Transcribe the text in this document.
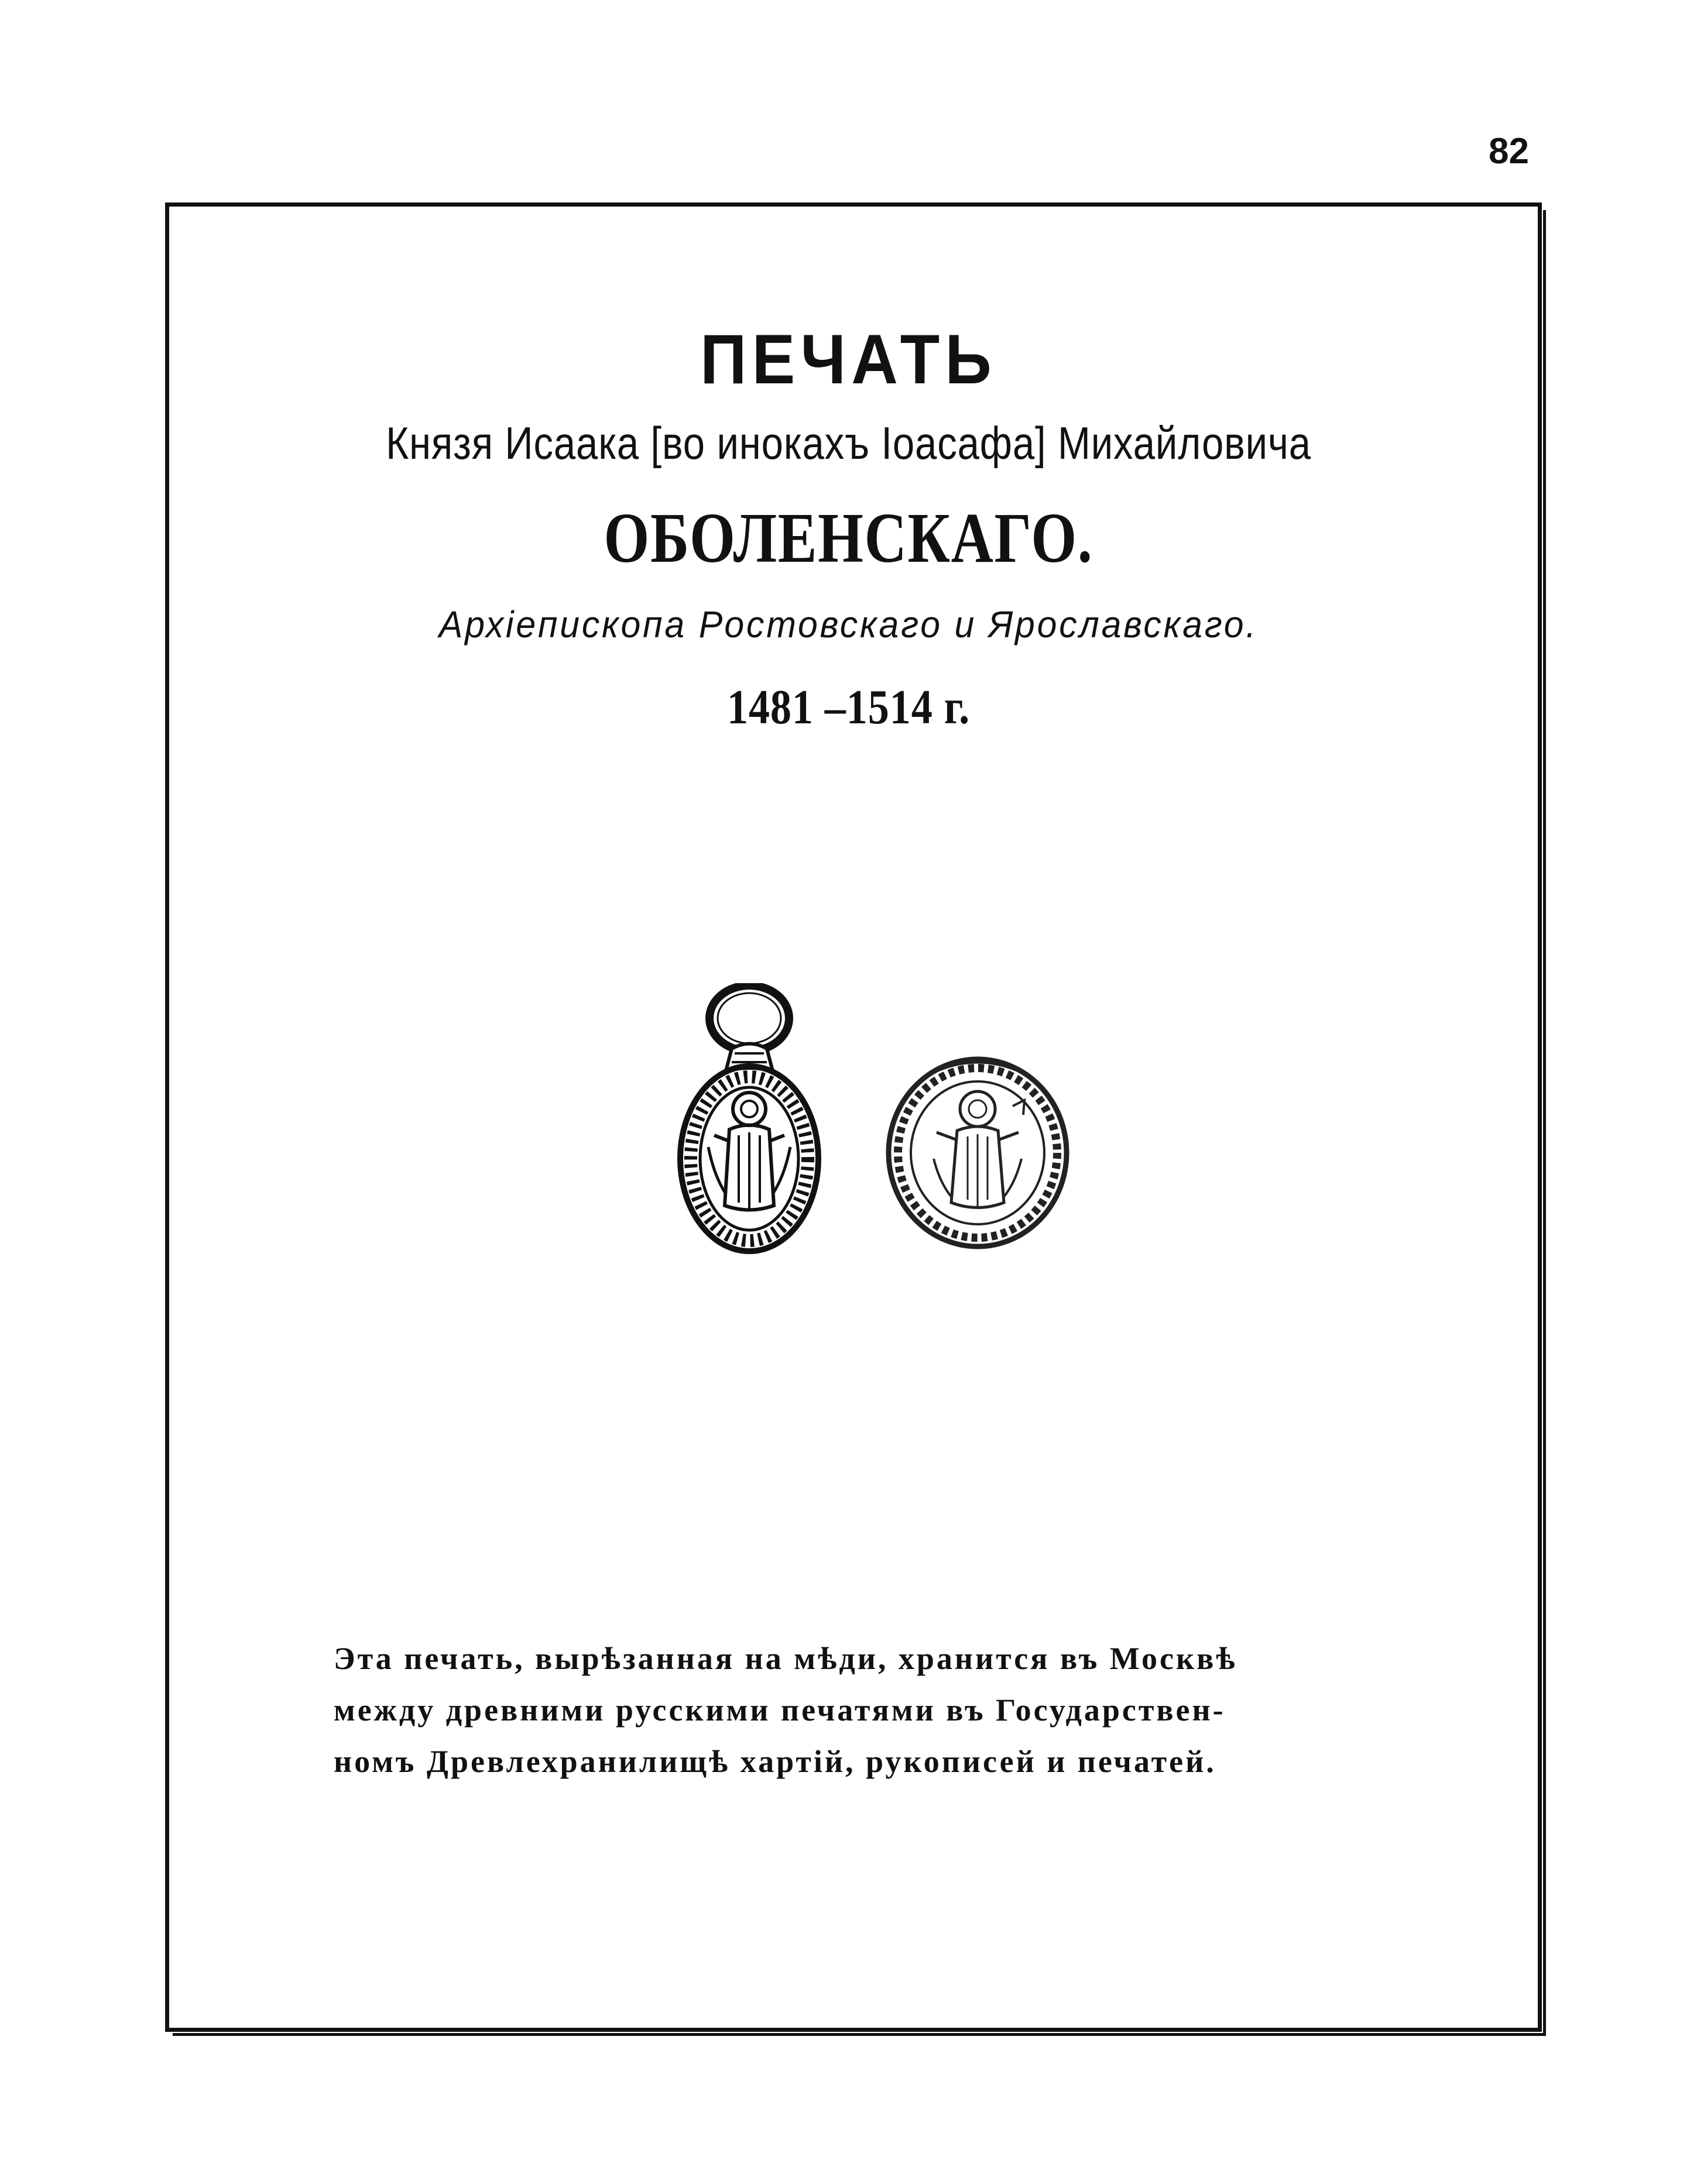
82
ПЕЧАТЬ
Князя Исаака [во инокахъ Іоасафа] Михайловича
ОБОЛЕНСКАГО.
Архіепископа Ростовскаго и Ярославскаго.
1481 –1514 г.
Эта печать, вырѣзанная на мѣди, хранится въ Москвѣ
между древними русскими печатями въ Государствен-
номъ Древлехранилищѣ хартій, рукописей и печатей.
